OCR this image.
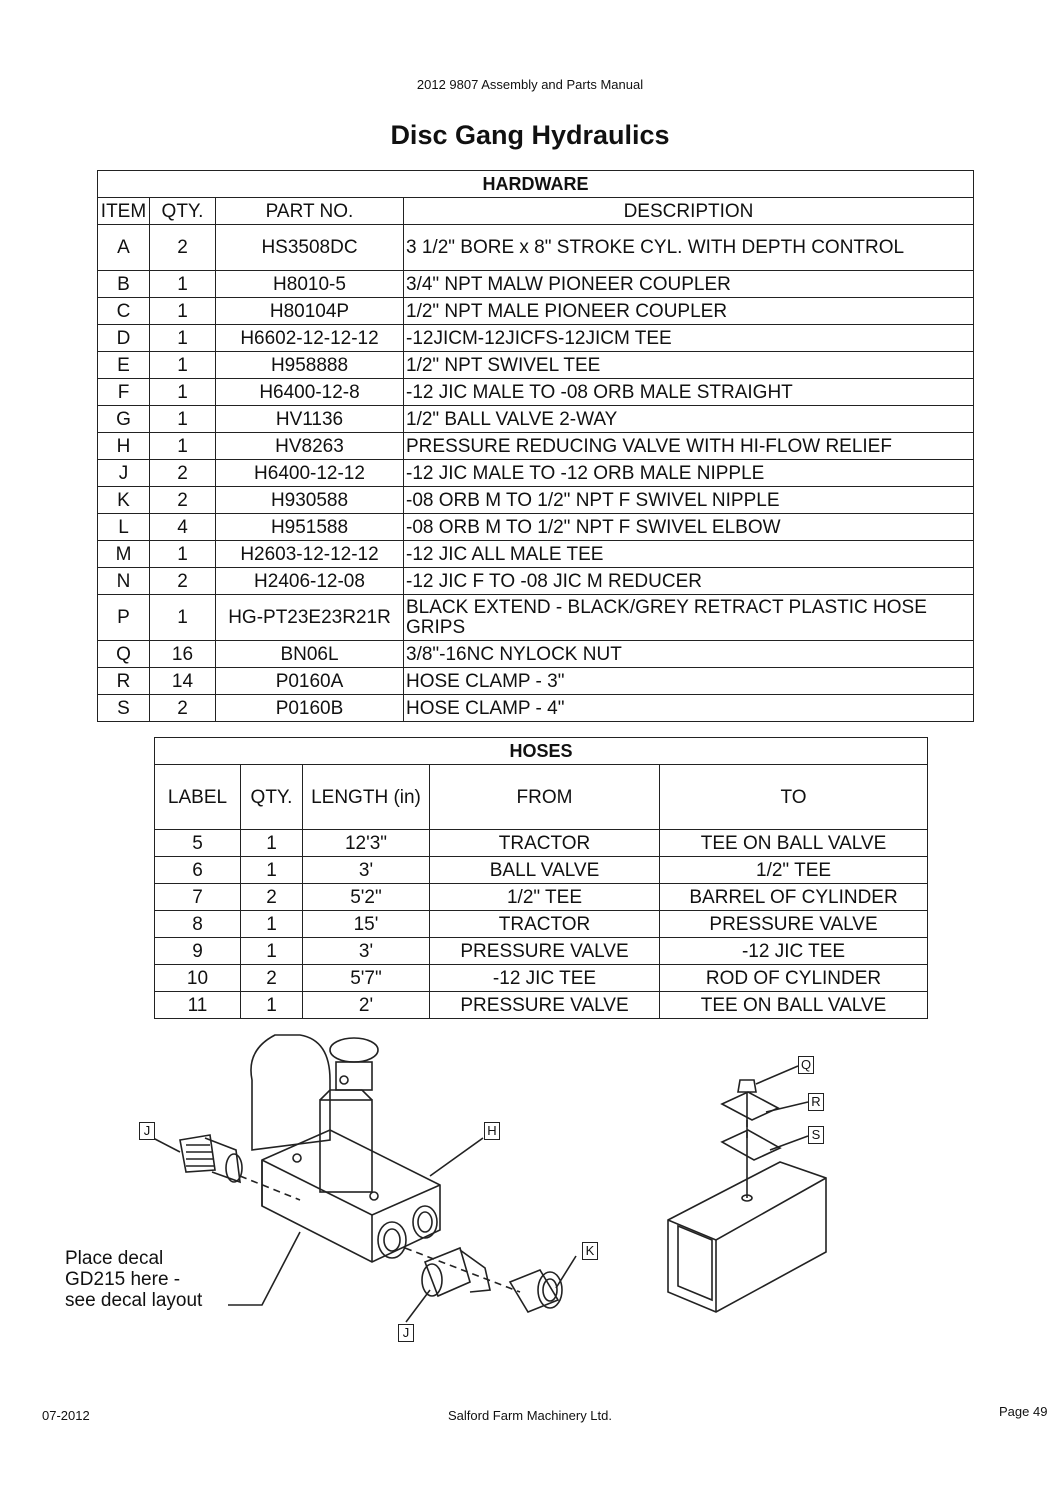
2012 9807 Assembly and Parts Manual
Disc Gang Hydraulics
HARDWARE			
ITEM	QTY.	PART NO.	DESCRIPTION
A	2	HS3508DC	3 1/2" BORE x 8" STROKE CYL. WITH DEPTH CONTROL
B	1	H8010-5	3/4" NPT MALW PIONEER COUPLER
C	1	H80104P	1/2" NPT MALE PIONEER COUPLER
D	1	H6602-12-12-12	-12JICM-12JICFS-12JICM TEE
E	1	H958888	1/2" NPT SWIVEL TEE
F	1	H6400-12-8	-12 JIC MALE TO -08 ORB MALE STRAIGHT
G	1	HV1136	1/2" BALL VALVE 2-WAY
H	1	HV8263	PRESSURE REDUCING VALVE WITH HI-FLOW RELIEF
J	2	H6400-12-12	-12 JIC MALE TO -12 ORB MALE NIPPLE
K	2	H930588	-08 ORB M TO 1/2" NPT F SWIVEL NIPPLE
L	4	H951588	-08 ORB M TO 1/2" NPT F SWIVEL ELBOW
M	1	H2603-12-12-12	-12 JIC ALL MALE TEE
N	2	H2406-12-08	-12 JIC F TO -08 JIC M REDUCER
P	1	HG-PT23E23R21R	BLACK EXTEND - BLACK/GREY RETRACT PLASTIC HOSE GRIPS
Q	16	BN06L	3/8"-16NC NYLOCK NUT
R	14	P0160A	HOSE CLAMP - 3"
S	2	P0160B	HOSE CLAMP - 4"
HOSES				
LABEL	QTY.	LENGTH (in)	FROM	TO
5	1	12'3"	TRACTOR	TEE ON BALL VALVE
6	1	3'	BALL VALVE	1/2" TEE
7	2	5'2"	1/2" TEE	BARREL OF CYLINDER
8	1	15'	TRACTOR	PRESSURE VALVE
9	1	3'	PRESSURE VALVE	-12 JIC TEE
10	2	5'7"	-12 JIC TEE	ROD OF CYLINDER
11	1	2'	PRESSURE VALVE	TEE ON BALL VALVE
J	H
K
J
Q
R
S
Place decal
GD215 here -
see decal layout
07-2012	Salford Farm Machinery Ltd.	Page 49
